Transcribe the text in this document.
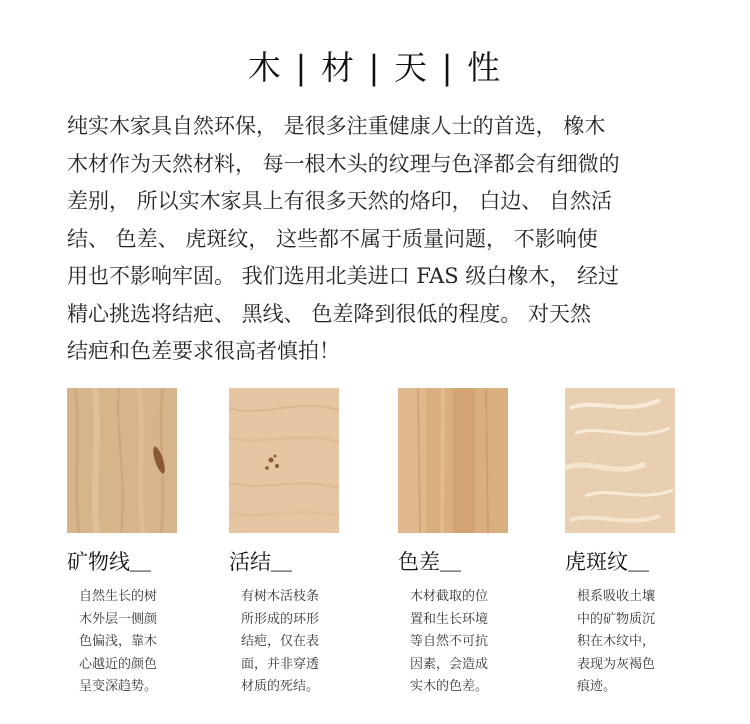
木 | 材 | 天 | 性
纯实木家具自然环保， 是很多注重健康人士的首选， 橡木
木材作为天然材料， 每一根木头的纹理与色泽都会有细微的
差别， 所以实木家具上有很多天然的烙印， 白边、 自然活
结、 色差、 虎斑纹， 这些都不属于质量问题， 不影响使
用也不影响牢固。 我们选用北美进口 FAS 级白橡木， 经过
精心挑选将结疤、 黑线、 色差降到很低的程度。 对天然
结疤和色差要求很高者慎拍！
矿物线＿
自然生长的树
木外层一侧颜
色偏浅，靠木
心越近的颜色
呈变深趋势。
活结＿
有树木活枝条
所形成的环形
结疤，仅在表
面，并非穿透
材质的死结。
色差＿
木材截取的位
置和生长环境
等自然不可抗
因素，会造成
实木的色差。
虎斑纹＿
根系吸收土壤
中的矿物质沉
积在木纹中，
表现为灰褐色
痕迹。
